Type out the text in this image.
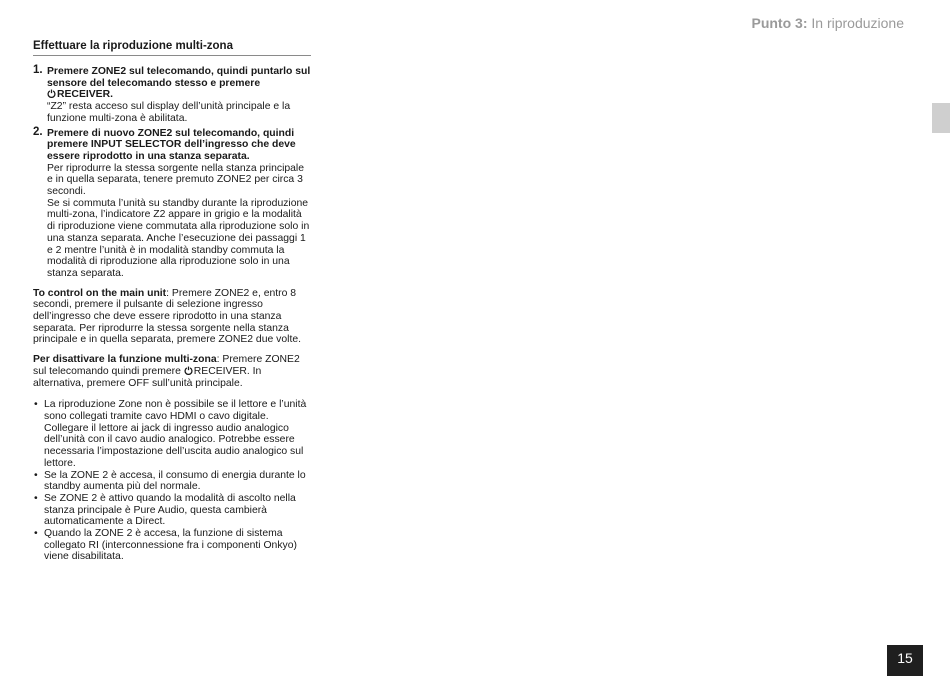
Punto 3: In riproduzione
Effettuare la riproduzione multi-zona
1. Premere ZONE2 sul telecomando, quindi puntarlo sul sensore del telecomando stesso e premere
RECEIVER.
“Z2” resta acceso sul display dell’unità principale e la funzione multi-zona è abilitata.
2. Premere di nuovo ZONE2 sul telecomando, quindi premere INPUT SELECTOR dell’ingresso che deve essere riprodotto in una stanza separata.
Per riprodurre la stessa sorgente nella stanza principale e in quella separata, tenere premuto ZONE2 per circa 3 secondi.
Se si commuta l’unità su standby durante la riproduzione multi-zona, l’indicatore Z2 appare in grigio e la modalità di riproduzione viene commutata alla riproduzione solo in una stanza separata. Anche l’esecuzione dei passaggi 1 e 2 mentre l’unità è in modalità standby commuta la modalità di riproduzione alla riproduzione solo in una stanza separata.
To control on the main unit: Premere ZONE2 e, entro 8 secondi, premere il pulsante di selezione ingresso dell’ingresso che deve essere riprodotto in una stanza separata. Per riprodurre la stessa sorgente nella stanza principale e in quella separata, premere ZONE2 due volte.
Per disattivare la funzione multi-zona: Premere ZONE2 sul telecomando quindi premere RECEIVER. In alternativa, premere OFF sull’unità principale.
• La riproduzione Zone non è possibile se il lettore e l’unità sono collegati tramite cavo HDMI o cavo digitale. Collegare il lettore ai jack di ingresso audio analogico dell’unità con il cavo audio analogico. Potrebbe essere necessaria l’impostazione dell’uscita audio analogico sul lettore.
• Se la ZONE 2 è accesa, il consumo di energia durante lo standby aumenta più del normale.
• Se ZONE 2 è attivo quando la modalità di ascolto nella stanza principale è Pure Audio, questa cambierà automaticamente a Direct.
• Quando la ZONE 2 è accesa, la funzione di sistema collegato RI (interconnessione fra i componenti Onkyo) viene disabilitata.
15
